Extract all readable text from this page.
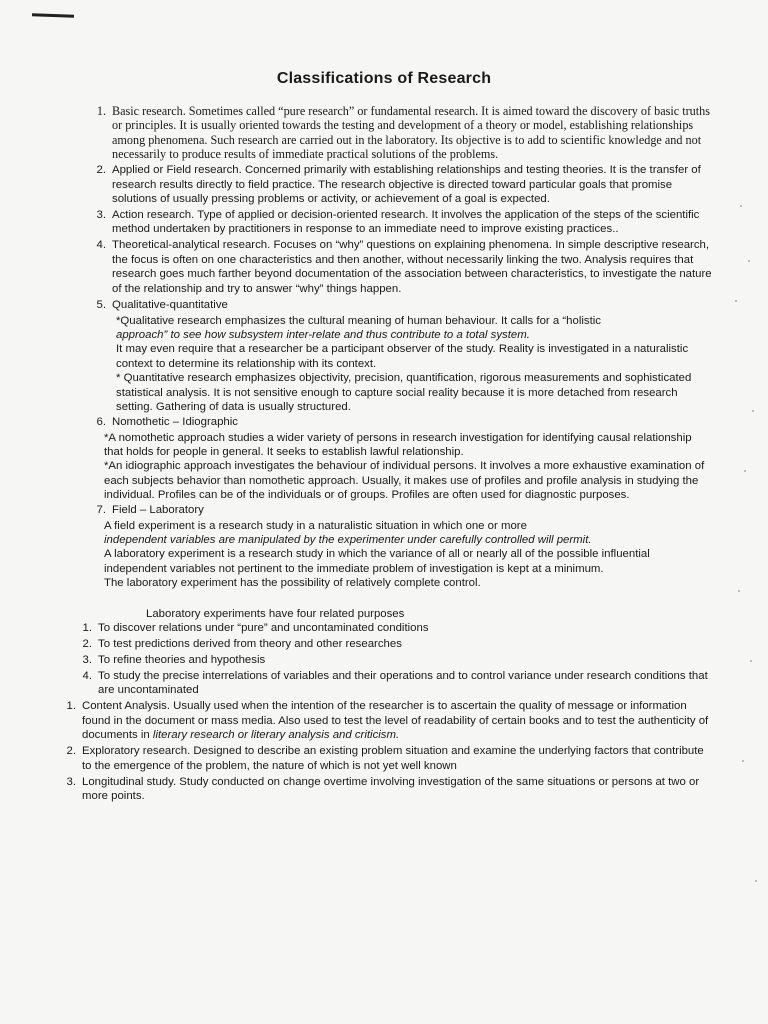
Classifications of Research
1. Basic research. Sometimes called “pure research” or fundamental research. It is aimed toward the discovery of basic truths or principles. It is usually oriented towards the testing and development of a theory or model, establishing relationships among phenomena. Such research are carried out in the laboratory. Its objective is to add to scientific knowledge and not necessarily to produce results of immediate practical solutions of the problems.
2. Applied or Field research. Concerned primarily with establishing relationships and testing theories. It is the transfer of research results directly to field practice. The research objective is directed toward particular goals that promise solutions of usually pressing problems or activity, or achievement of a goal is expected.
3. Action research. Type of applied or decision-oriented research. It involves the application of the steps of the scientific method undertaken by practitioners in response to an immediate need to improve existing practices..
4. Theoretical-analytical research. Focuses on “why” questions on explaining phenomena. In simple descriptive research, the focus is often on one characteristics and then another, without necessarily linking the two. Analysis requires that research goes much farther beyond documentation of the association between characteristics, to investigate the nature of the relationship and try to answer “why” things happen.
5. Qualitative-quantitative

*Qualitative research emphasizes the cultural meaning of human behaviour. It calls for a “holistic

approach” to see how subsystem inter-relate and thus contribute to a total system.

It may even require that a researcher be a participant observer of the study. Reality is investigated in a naturalistic context to determine its relationship with its context.

* Quantitative research emphasizes objectivity, precision, quantification, rigorous measurements and sophisticated statistical analysis. It is not sensitive enough to capture social reality because it is more detached from research setting. Gathering of data is usually structured.

6. Nomothetic – Idiographic

*A nomothetic approach studies a wider variety of persons in research investigation for identifying causal relationship that holds for people in general. It seeks to establish lawful relationship.

*An idiographic approach investigates the behaviour of individual persons. It involves a more exhaustive examination of each subjects behavior than nomothetic approach. Usually, it makes use of profiles and profile analysis in studying the individual. Profiles can be of the individuals or of groups. Profiles are often used for diagnostic purposes.

7. Field – Laboratory

A field experiment is a research study in a naturalistic situation in which one or more

independent variables are manipulated by the experimenter under carefully controlled will permit.

A laboratory experiment is a research study in which the variance of all or nearly all of the possible influential independent variables not pertinent to the immediate problem of investigation is kept at a minimum.

The laboratory experiment has the possibility of relatively complete control.

Laboratory experiments have four related purposes

1. To discover relations under “pure” and uncontaminated conditions
2. To test predictions derived from theory and other researches
3. To refine theories and hypothesis
4. To study the precise interrelations of variables and their operations and to control variance under research conditions that are uncontaminated
1. Content Analysis. Usually used when the intention of the researcher is to ascertain the quality of message or information found in the document or mass media. Also used to test the level of readability of certain books and to test the authenticity of documents in literary research or literary analysis and criticism.
2. Exploratory research. Designed to describe an existing problem situation and examine the underlying factors that contribute to the emergence of the problem, the nature of which is not yet well known
3. Longitudinal study. Study conducted on change overtime involving investigation of the same situations or persons at two or more points.
